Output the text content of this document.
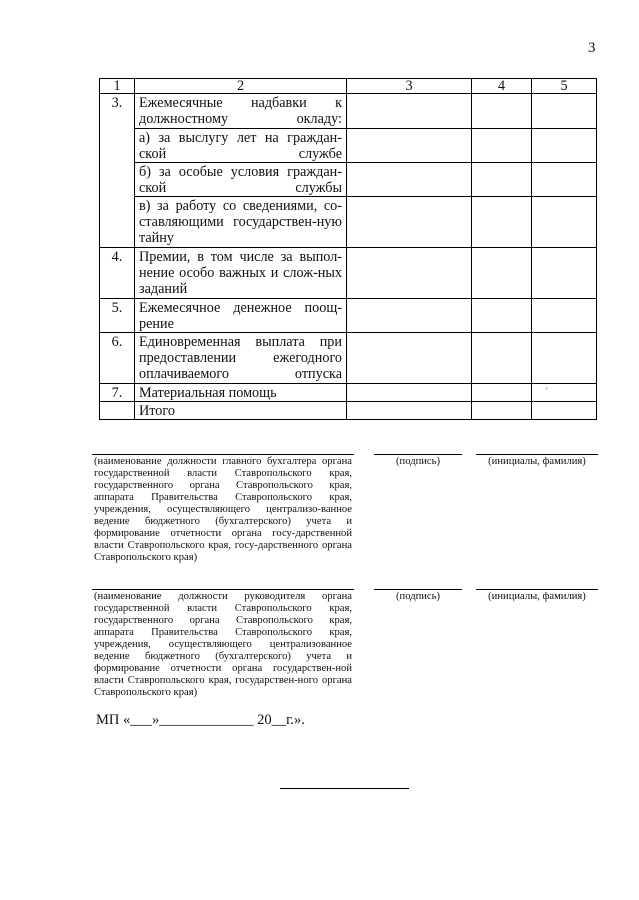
3
1	2	3	4	5
3.	Ежемесячные надбавки к должностному окладу:			
	а) за выслугу лет на граждан-ской службе			
	б) за особые условия граждан-ской службы			
	в) за работу со сведениями, со-ставляющими государствен-ную тайну			
4.	Премии, в том числе за выпол-нение особо важных и слож-ных заданий			
5.	Ежемесячное денежное поощ-рение			
6.	Единовременная выплата при предоставлении ежегодного оплачиваемого отпуска			
7.	Материальная помощь			
	Итого			
'
(наименование должности главного бухгалтера органа государственной власти Ставропольского края, государственного органа Ставропольского края, аппарата Правительства Ставропольского края, учреждения, осуществляющего централизо-ванное ведение бюджетного (бухгалтерского) учета и формирование отчетности органа госу-дарственной власти Ставропольского края, госу-дарственного органа Ставропольского края)
(подпись)	(инициалы, фамилия)
(наименование должности руководителя органа государственной власти Ставропольского края, государственного органа Ставропольского края, аппарата Правительства Ставропольского края, учреждения, осуществляющего централизованное ведение бюджетного (бухгалтерского) учета и формирование отчетности органа государствен-ной власти Ставропольского края, государствен-ного органа Ставропольского края)
(подпись)	(инициалы, фамилия)
МП «___»_____________ 20__г.».
